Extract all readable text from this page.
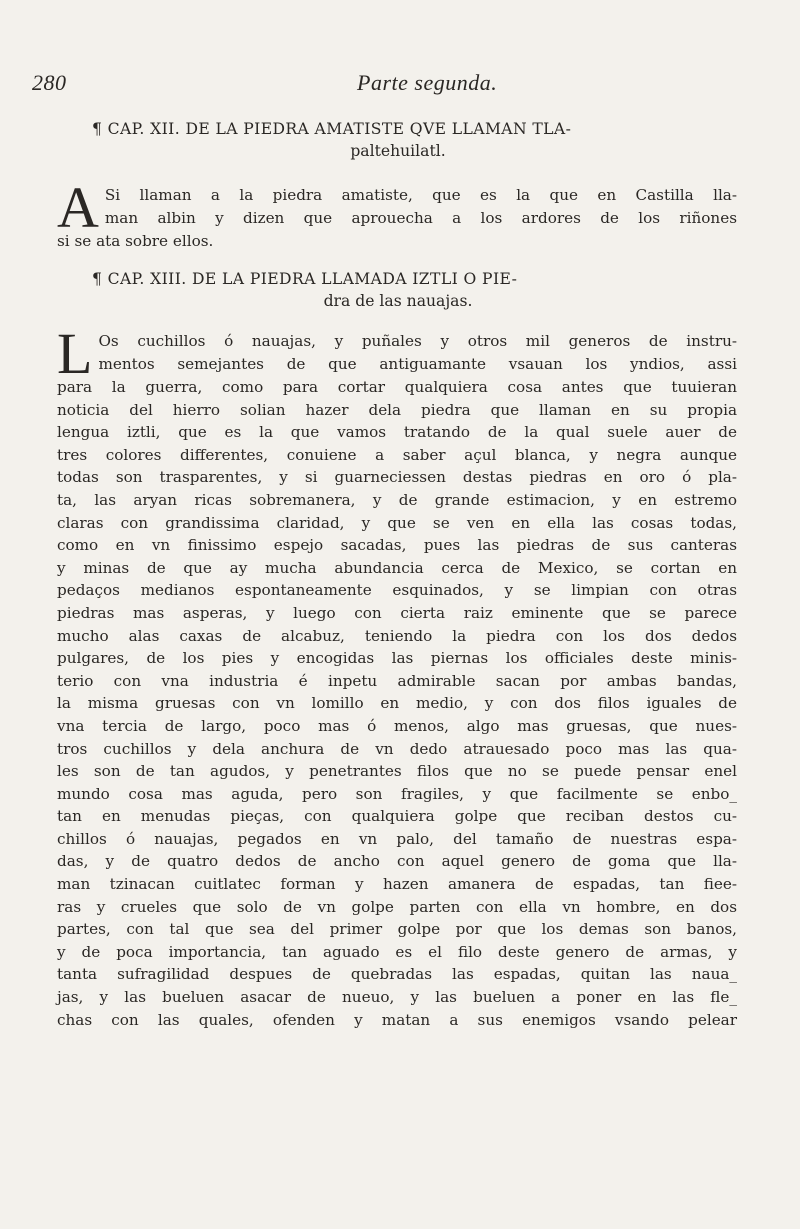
280	Parte segunda.
¶ CAP. XII. DE LA PIEDRA AMATISTE QVE LLAMAN TLA-
paltehuilatl.
A Si llaman a la piedra amatiste, que es la que en Castilla lla-
man albin y dizen que aprouecha a los ardores de los riñones
si se ata sobre ellos.
¶ CAP. XIII. DE LA PIEDRA LLAMADA IZTLI O PIE-
dra de las nauajas.
L Os cuchillos ó nauajas, y puñales y otros mil generos de instru-
mentos semejantes de que antiguamante vsauan los yndios, assi
para la guerra, como para cortar qualquiera cosa antes que tuuieran
noticia del hierro solian hazer dela piedra que llaman en su propia
lengua iztli, que es la que vamos tratando de la qual suele auer de
tres colores differentes, conuiene a saber açul blanca, y negra aunque
todas son trasparentes, y si guarneciessen destas piedras en oro ó pla-
ta, las aryan ricas sobremanera, y de grande estimacion, y en estremo
claras con grandissima claridad, y que se ven en ella las cosas todas,
como en vn finissimo espejo sacadas, pues las piedras de sus canteras
y minas de que ay mucha abundancia cerca de Mexico, se cortan en
pedaços medianos espontaneamente esquinados, y se limpian con otras
piedras mas asperas, y luego con cierta raiz eminente que se parece
mucho alas caxas de alcabuz, teniendo la piedra con los dos dedos
pulgares, de los pies y encogidas las piernas los officiales deste minis-
terio con vna industria é inpetu admirable sacan por ambas bandas,
la misma gruesas con vn lomillo en medio, y con dos filos iguales de
vna tercia de largo, poco mas ó menos, algo mas gruesas, que nues-
tros cuchillos y dela anchura de vn dedo atrauesado poco mas las qua-
les son de tan agudos, y penetrantes filos que no se puede pensar enel
mundo cosa mas aguda, pero son fragiles, y que facilmente se enbo_
tan en menudas pieças, con qualquiera golpe que reciban destos cu-
chillos ó nauajas, pegados en vn palo, del tamaño de nuestras espa-
das, y de quatro dedos de ancho con aquel genero de goma que lla-
man tzinacan cuitlatec forman y hazen amanera de espadas, tan fiee-
ras y crueles que solo de vn golpe parten con ella vn hombre, en dos
partes, con tal que sea del primer golpe por que los demas son banos,
y de poca importancia, tan aguado es el filo deste genero de armas, y
tanta sufragilidad despues de quebradas las espadas, quitan las naua_
jas, y las bueluen asacar de nueuo, y las bueluen a poner en las fle_
chas con las quales, ofenden y matan a sus enemigos vsando pelear
